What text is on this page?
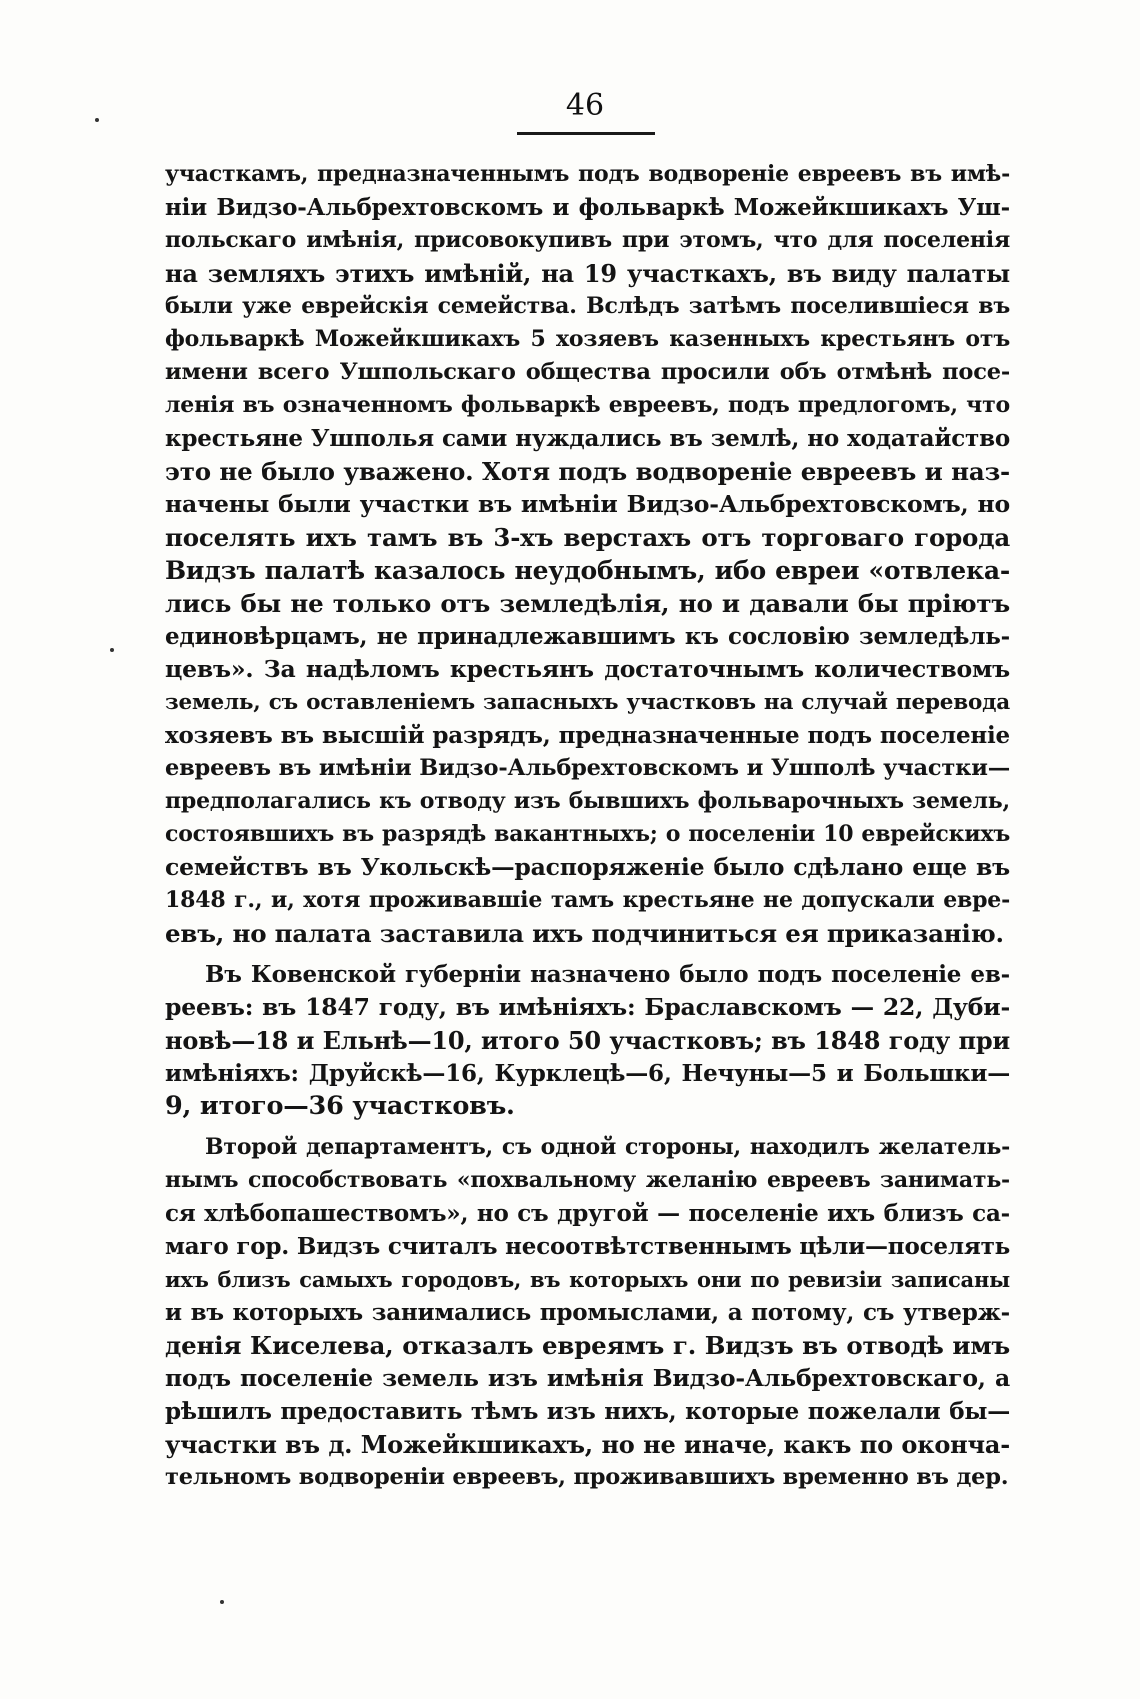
46
участкамъ, предназначеннымъ подъ водвореніе евреевъ въ имѣ-
ніи Видзо-Альбрехтовскомъ и фольваркѣ Можейкшикахъ Уш-
польскаго имѣнія, присовокупивъ при этомъ, что для поселенія
на земляхъ этихъ имѣній, на 19 участкахъ, въ виду палаты
были уже еврейскія семейства. Вслѣдъ затѣмъ поселившіеся въ
фольваркѣ Можейкшикахъ 5 хозяевъ казенныхъ крестьянъ отъ
имени всего Ушпольскаго общества просили объ отмѣнѣ посе-
ленія въ означенномъ фольваркѣ евреевъ, подъ предлогомъ, что
крестьяне Ушполья сами нуждались въ землѣ, но ходатайство
это не было уважено. Хотя подъ водвореніе евреевъ и наз-
начены были участки въ имѣніи Видзо-Альбрехтовскомъ, но
поселять ихъ тамъ въ 3-хъ верстахъ отъ торговаго города
Видзъ палатѣ казалось неудобнымъ, ибо евреи «отвлека-
лись бы не только отъ земледѣлія, но и давали бы пріютъ
единовѣрцамъ, не принадлежавшимъ къ сословію земледѣль-
цевъ». За надѣломъ крестьянъ достаточнымъ количествомъ
земель, съ оставленіемъ запасныхъ участковъ на случай перевода
хозяевъ въ высшій разрядъ, предназначенные подъ поселеніе
евреевъ въ имѣніи Видзо-Альбрехтовскомъ и Ушполѣ участки—
предполагались къ отводу изъ бывшихъ фольварочныхъ земель,
состоявшихъ въ разрядѣ вакантныхъ; о поселеніи 10 еврейскихъ
семействъ въ Укольскѣ—распоряженіе было сдѣлано еще въ
1848 г., и, хотя проживавшіе тамъ крестьяне не допускали евре-
евъ, но палата заставила ихъ подчиниться ея приказанію.
Въ Ковенской губерніи назначено было подъ поселеніе ев-
реевъ: въ 1847 году, въ имѣніяхъ: Браславскомъ — 22, Дуби-
новѣ—18 и Ельнѣ—10, итого 50 участковъ; въ 1848 году при
имѣніяхъ: Друйскѣ—16, Курклецѣ—6, Нечуны—5 и Большки—
9, итого—36 участковъ.
Второй департаментъ, съ одной стороны, находилъ желатель-
нымъ способствовать «похвальному желанію евреевъ занимать-
ся хлѣбопашествомъ», но съ другой — поселеніе ихъ близъ са-
маго гор. Видзъ считалъ несоотвѣтственнымъ цѣли—поселять
ихъ близъ самыхъ городовъ, въ которыхъ они по ревизіи записаны
и въ которыхъ занимались промыслами, а потому, съ утверж-
денія Киселева, отказалъ евреямъ г. Видзъ въ отводѣ имъ
подъ поселеніе земель изъ имѣнія Видзо-Альбрехтовскаго, а
рѣшилъ предоставить тѣмъ изъ нихъ, которые пожелали бы—
участки въ д. Можейкшикахъ, но не иначе, какъ по окончa-
тельномъ водвореніи евреевъ, проживавшихъ временно въ дер.
